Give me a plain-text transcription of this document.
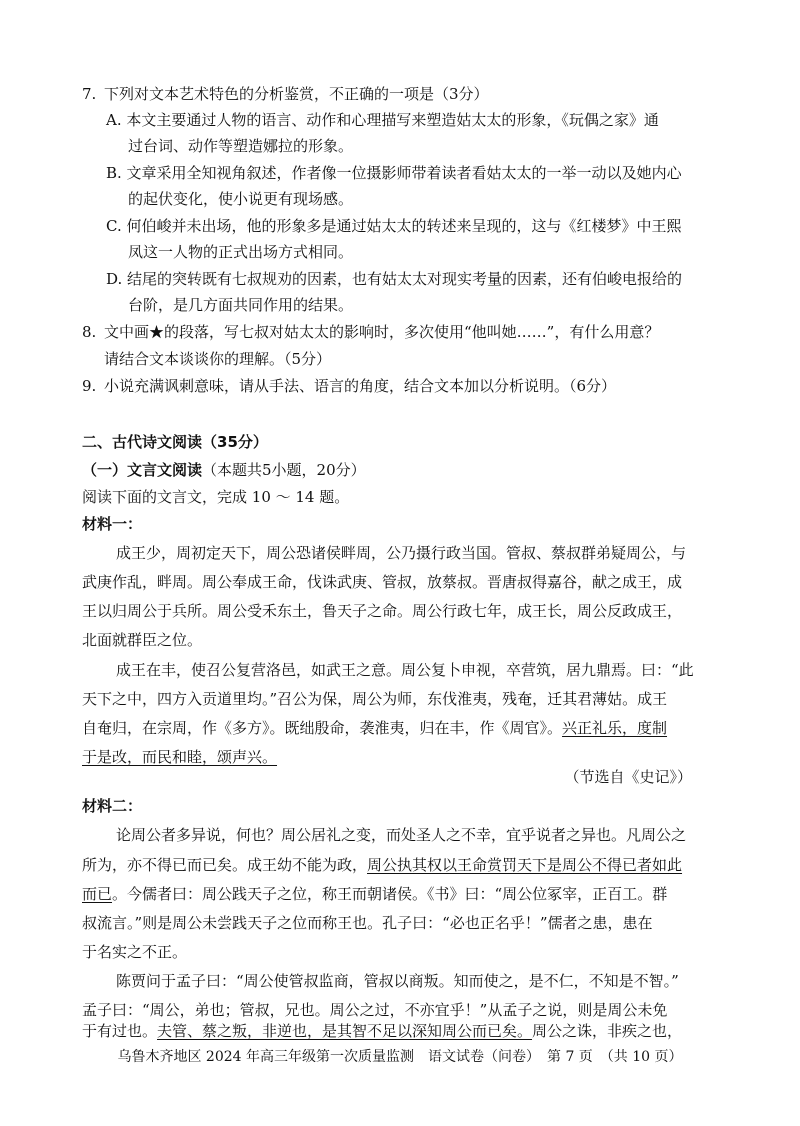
7. 下列对文本艺术特色的分析鉴赏，不正确的一项是（3分）
A. 本文主要通过人物的语言、动作和心理描写来塑造姑太太的形象，《玩偶之家》通
过台词、动作等塑造娜拉的形象。
B. 文章采用全知视角叙述，作者像一位摄影师带着读者看姑太太的一举一动以及她内心
的起伏变化，使小说更有现场感。
C. 何伯峻并未出场，他的形象多是通过姑太太的转述来呈现的，这与《红楼梦》中王熙
凤这一人物的正式出场方式相同。
D. 结尾的突转既有七叔规劝的因素，也有姑太太对现实考量的因素，还有伯峻电报给的
台阶，是几方面共同作用的结果。
8. 文中画★的段落，写七叔对姑太太的影响时，多次使用“他叫她……”，有什么用意？
请结合文本谈谈你的理解。（5分）
9. 小说充满讽刺意味，请从手法、语言的角度，结合文本加以分析说明。（6分）
二、古代诗文阅读（35分）
（一）文言文阅读（本题共5小题，20分）
阅读下面的文言文，完成 10 ～ 14 题。
材料一：
成王少，周初定天下，周公恐诸侯畔周，公乃摄行政当国。管叔、蔡叔群弟疑周公，与
武庚作乱，畔周。周公奉成王命，伐诛武庚、管叔，放蔡叔。晋唐叔得嘉谷，献之成王，成
王以归周公于兵所。周公受禾东土，鲁天子之命。周公行政七年，成王长，周公反政成王，
北面就群臣之位。
成王在丰，使召公复营洛邑，如武王之意。周公复卜申视，卒营筑，居九鼎焉。曰：“此
天下之中，四方入贡道里均。”召公为保，周公为师，东伐淮夷，残奄，迁其君薄姑。成王
自奄归，在宗周，作《多方》。既绌殷命，袭淮夷，归在丰，作《周官》。兴正礼乐，度制
于是改，而民和睦，颂声兴。
（节选自《史记》）
材料二：
论周公者多异说，何也？周公居礼之变，而处圣人之不幸，宜乎说者之异也。凡周公之
所为，亦不得已而已矣。成王幼不能为政，周公执其权以王命赏罚天下是周公不得已者如此
而已。今儒者曰：周公践天子之位，称王而朝诸侯。《书》曰：“周公位冢宰，正百工。群
叔流言。”则是周公未尝践天子之位而称王也。孔子曰：“必也正名乎！”儒者之患，患在
于名实之不正。
陈贾问于孟子曰：“周公使管叔监商，管叔以商叛。知而使之，是不仁，不知是不智。”
孟子曰：“周公，弟也；管叔，兄也。周公之过，不亦宜乎！”从孟子之说，则是周公未免
于有过也。夫管、蔡之叛，非逆也，是其智不足以深知周公而已矣。周公之诛，非疾之也，
乌鲁木齐地区 2024 年高三年级第一次质量监测　语文试卷（问卷）　第 7 页　（共 10 页）
